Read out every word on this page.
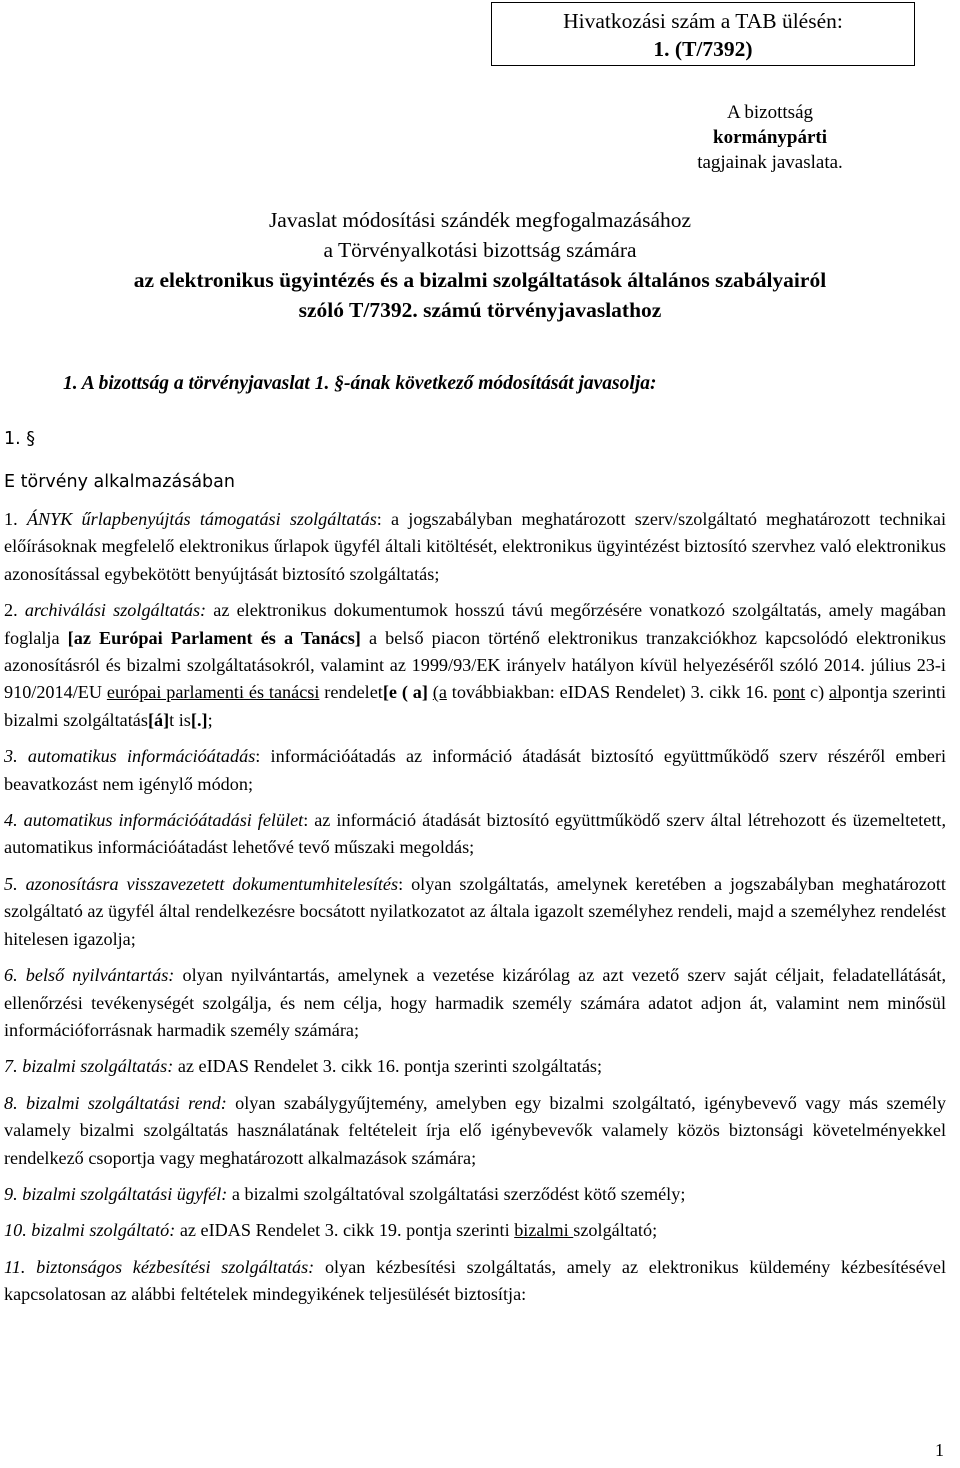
Hivatkozási szám a TAB ülésén:
1. (T/7392)
A bizottság
kormánypárti
tagjainak javaslata.
Javaslat módosítási szándék megfogalmazásához
a Törvényalkotási bizottság számára
az elektronikus ügyintézés és a bizalmi szolgáltatások általános szabályairól
szóló T/7392. számú törvényjavaslathoz
1. A bizottság a törvényjavaslat 1. §-ának következő módosítását javasolja:
1. §
E törvény alkalmazásában

1. ÁNYK űrlapbenyújtás támogatási szolgáltatás: a jogszabályban meghatározott szerv/szolgáltató meghatározott technikai előírásoknak megfelelő elektronikus űrlapok ügyfél általi kitöltését, elektronikus ügyintézést biztosító szervhez való elektronikus azonosítással egybekötött benyújtását biztosító szolgáltatás;

2. archiválási szolgáltatás: az elektronikus dokumentumok hosszú távú megőrzésére vonatkozó szolgáltatás, amely magában foglalja [az Európai Parlament és a Tanács] a belső piacon történő elektronikus tranzakciókhoz kapcsolódó elektronikus azonosításról és bizalmi szolgáltatásokról, valamint az 1999/93/EK irányelv hatályon kívül helyezéséről szóló 2014. július 23-i 910/2014/EU európai parlamenti és tanácsi rendelet[e ( a] (a továbbiakban: eIDAS Rendelet) 3. cikk 16. pont c) alpontja szerinti bizalmi szolgáltatás[á]t is[.];

3. automatikus információátadás: információátadás az információ átadását biztosító együttműködő szerv részéről emberi beavatkozást nem igénylő módon;

4. automatikus információátadási felület: az információ átadását biztosító együttműködő szerv által létrehozott és üzemeltetett, automatikus információátadást lehetővé tevő műszaki megoldás;

5. azonosításra visszavezetett dokumentumhitelesítés: olyan szolgáltatás, amelynek keretében a jogszabályban meghatározott szolgáltató az ügyfél által rendelkezésre bocsátott nyilatkozatot az általa igazolt személyhez rendeli, majd a személyhez rendelést hitelesen igazolja;

6. belső nyilvántartás: olyan nyilvántartás, amelynek a vezetése kizárólag az azt vezető szerv saját céljait, feladatellátását, ellenőrzési tevékenységét szolgálja, és nem célja, hogy harmadik személy számára adatot adjon át, valamint nem minősül információforrásnak harmadik személy számára;

7. bizalmi szolgáltatás: az eIDAS Rendelet 3. cikk 16. pontja szerinti szolgáltatás;

8. bizalmi szolgáltatási rend: olyan szabálygyűjtemény, amelyben egy bizalmi szolgáltató, igénybevevő vagy más személy valamely bizalmi szolgáltatás használatának feltételeit írja elő igénybevevők valamely közös biztonsági követelményekkel rendelkező csoportja vagy meghatározott alkalmazások számára;

9. bizalmi szolgáltatási ügyfél: a bizalmi szolgáltatóval szolgáltatási szerződést kötő személy;

10. bizalmi szolgáltató: az eIDAS Rendelet 3. cikk 19. pontja szerinti bizalmi szolgáltató;

11. biztonságos kézbesítési szolgáltatás: olyan kézbesítési szolgáltatás, amely az elektronikus küldemény kézbesítésével kapcsolatosan az alábbi feltételek mindegyikének teljesülését biztosítja:

1
